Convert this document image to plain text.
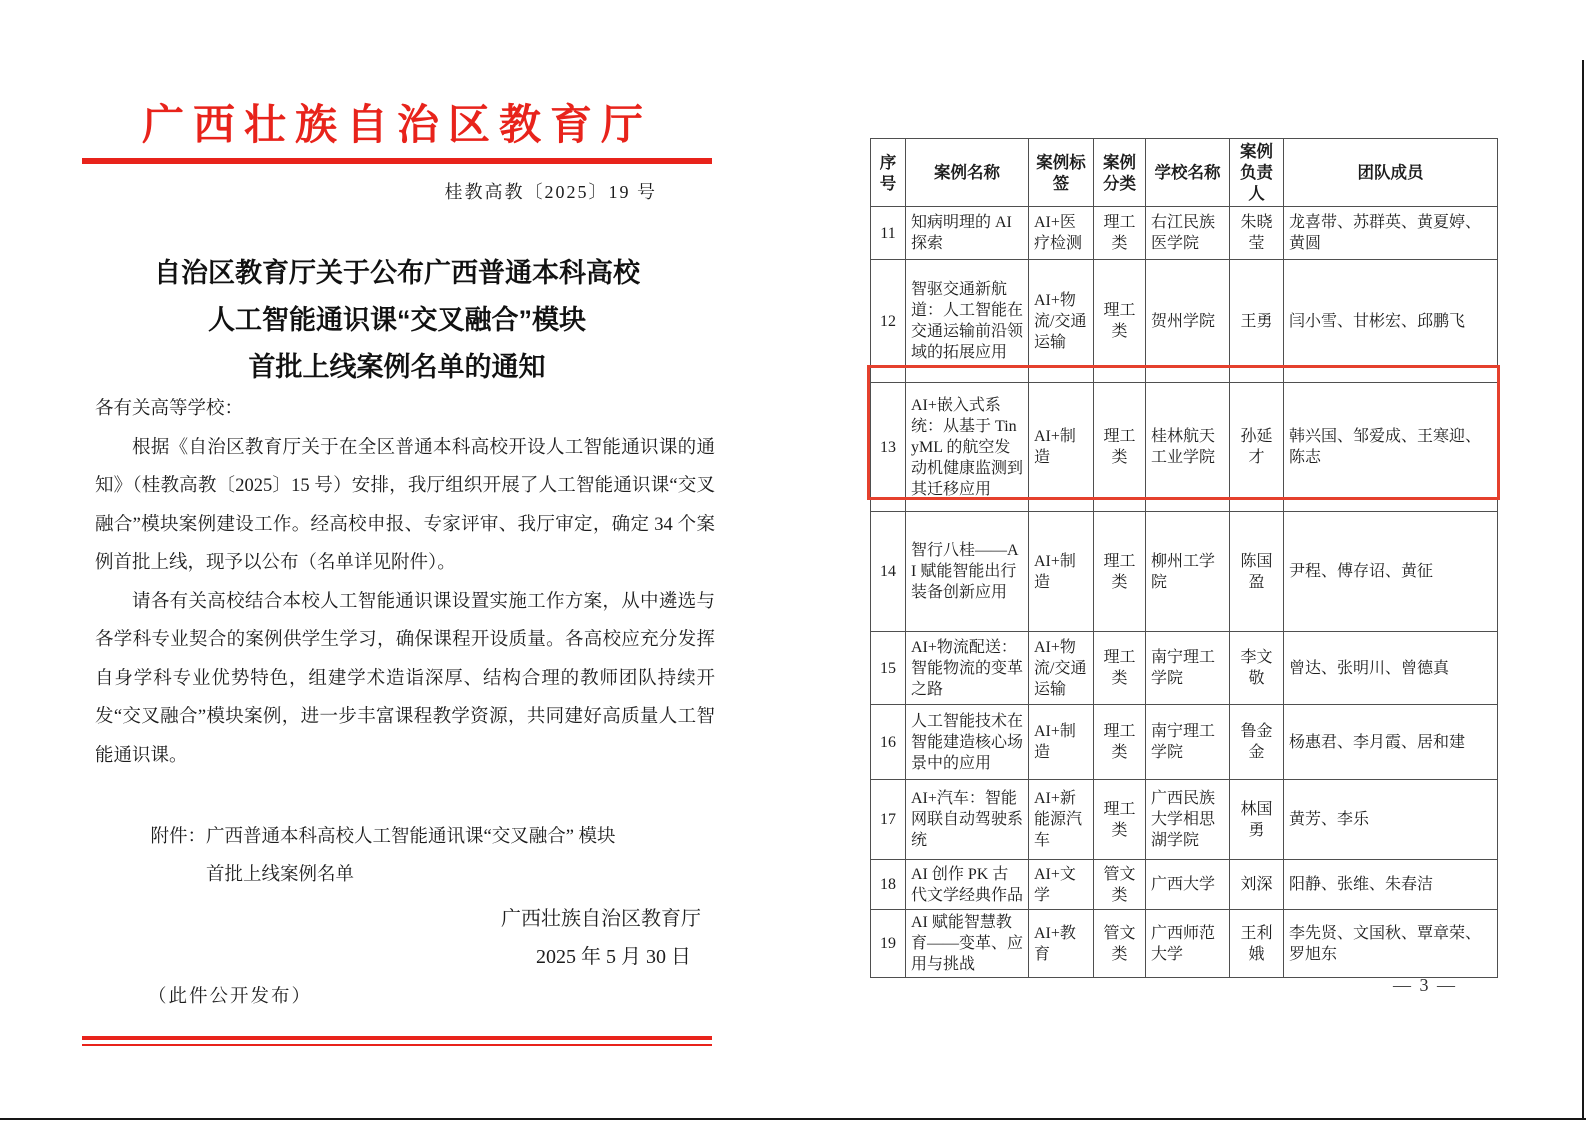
广西壮族自治区教育厅
桂教高教〔2025〕19 号
自治区教育厅关于公布广西普通本科高校
人工智能通识课“交叉融合”模块
首批上线案例名单的通知
各有关高等学校：
根据《自治区教育厅关于在全区普通本科高校开设人工智能通识课的通知》（桂教高教〔2025〕15 号）安排，我厅组织开展了人工智能通识课“交叉融合”模块案例建设工作。经高校申报、专家评审、我厅审定，确定 34 个案例首批上线，现予以公布（名单详见附件）。
请各有关高校结合本校人工智能通识课设置实施工作方案，从中遴选与各学科专业契合的案例供学生学习，确保课程开设质量。各高校应充分发挥自身学科专业优势特色，组建学术造诣深厚、结构合理的教师团队持续开发“交叉融合”模块案例，进一步丰富课程教学资源，共同建好高质量人工智能通识课。
附件：广西普通本科高校人工智能通讯课“交叉融合” 模块
首批上线案例名单
广西壮族自治区教育厅
2025 年 5 月 30 日
（此件公开发布）
序号	案例名称	案例标签	案例分类	学校名称	案例负责人	团队成员
11	知病明理的 AI 探索	AI+医疗检测	理工类	右江民族医学院	朱晓莹	龙喜带、苏群英、黄夏婷、黄圆
12	智驱交通新航道：人工智能在交通运输前沿领域的拓展应用	AI+物流/交通运输	理工类	贺州学院	王勇	闫小雪、甘彬宏、邱鹏飞
13	AI+嵌入式系统：从基于 TinyML 的航空发动机健康监测到其迁移应用	AI+制造	理工类	桂林航天工业学院	孙延才	韩兴国、邹爱成、王寒迎、陈志
14	智行八桂——AI 赋能智能出行装备创新应用	AI+制造	理工类	柳州工学院	陈国盈	尹程、傅存诏、黄征
15	AI+物流配送：智能物流的变革之路	AI+物流/交通运输	理工类	南宁理工学院	李文敬	曾达、张明川、曾德真
16	人工智能技术在智能建造核心场景中的应用	AI+制造	理工类	南宁理工学院	鲁金金	杨惠君、李月霞、居和建
17	AI+汽车：智能网联自动驾驶系统	AI+新能源汽车	理工类	广西民族大学相思湖学院	林国勇	黄芳、李乐
18	AI 创作 PK 古代文学经典作品	AI+文学	管文类	广西大学	刘深	阳静、张维、朱春洁
19	AI 赋能智慧教育——变革、应用与挑战	AI+教育	管文类	广西师范大学	王利娥	李先贤、文国秋、覃章荣、罗旭东
— 3 —
